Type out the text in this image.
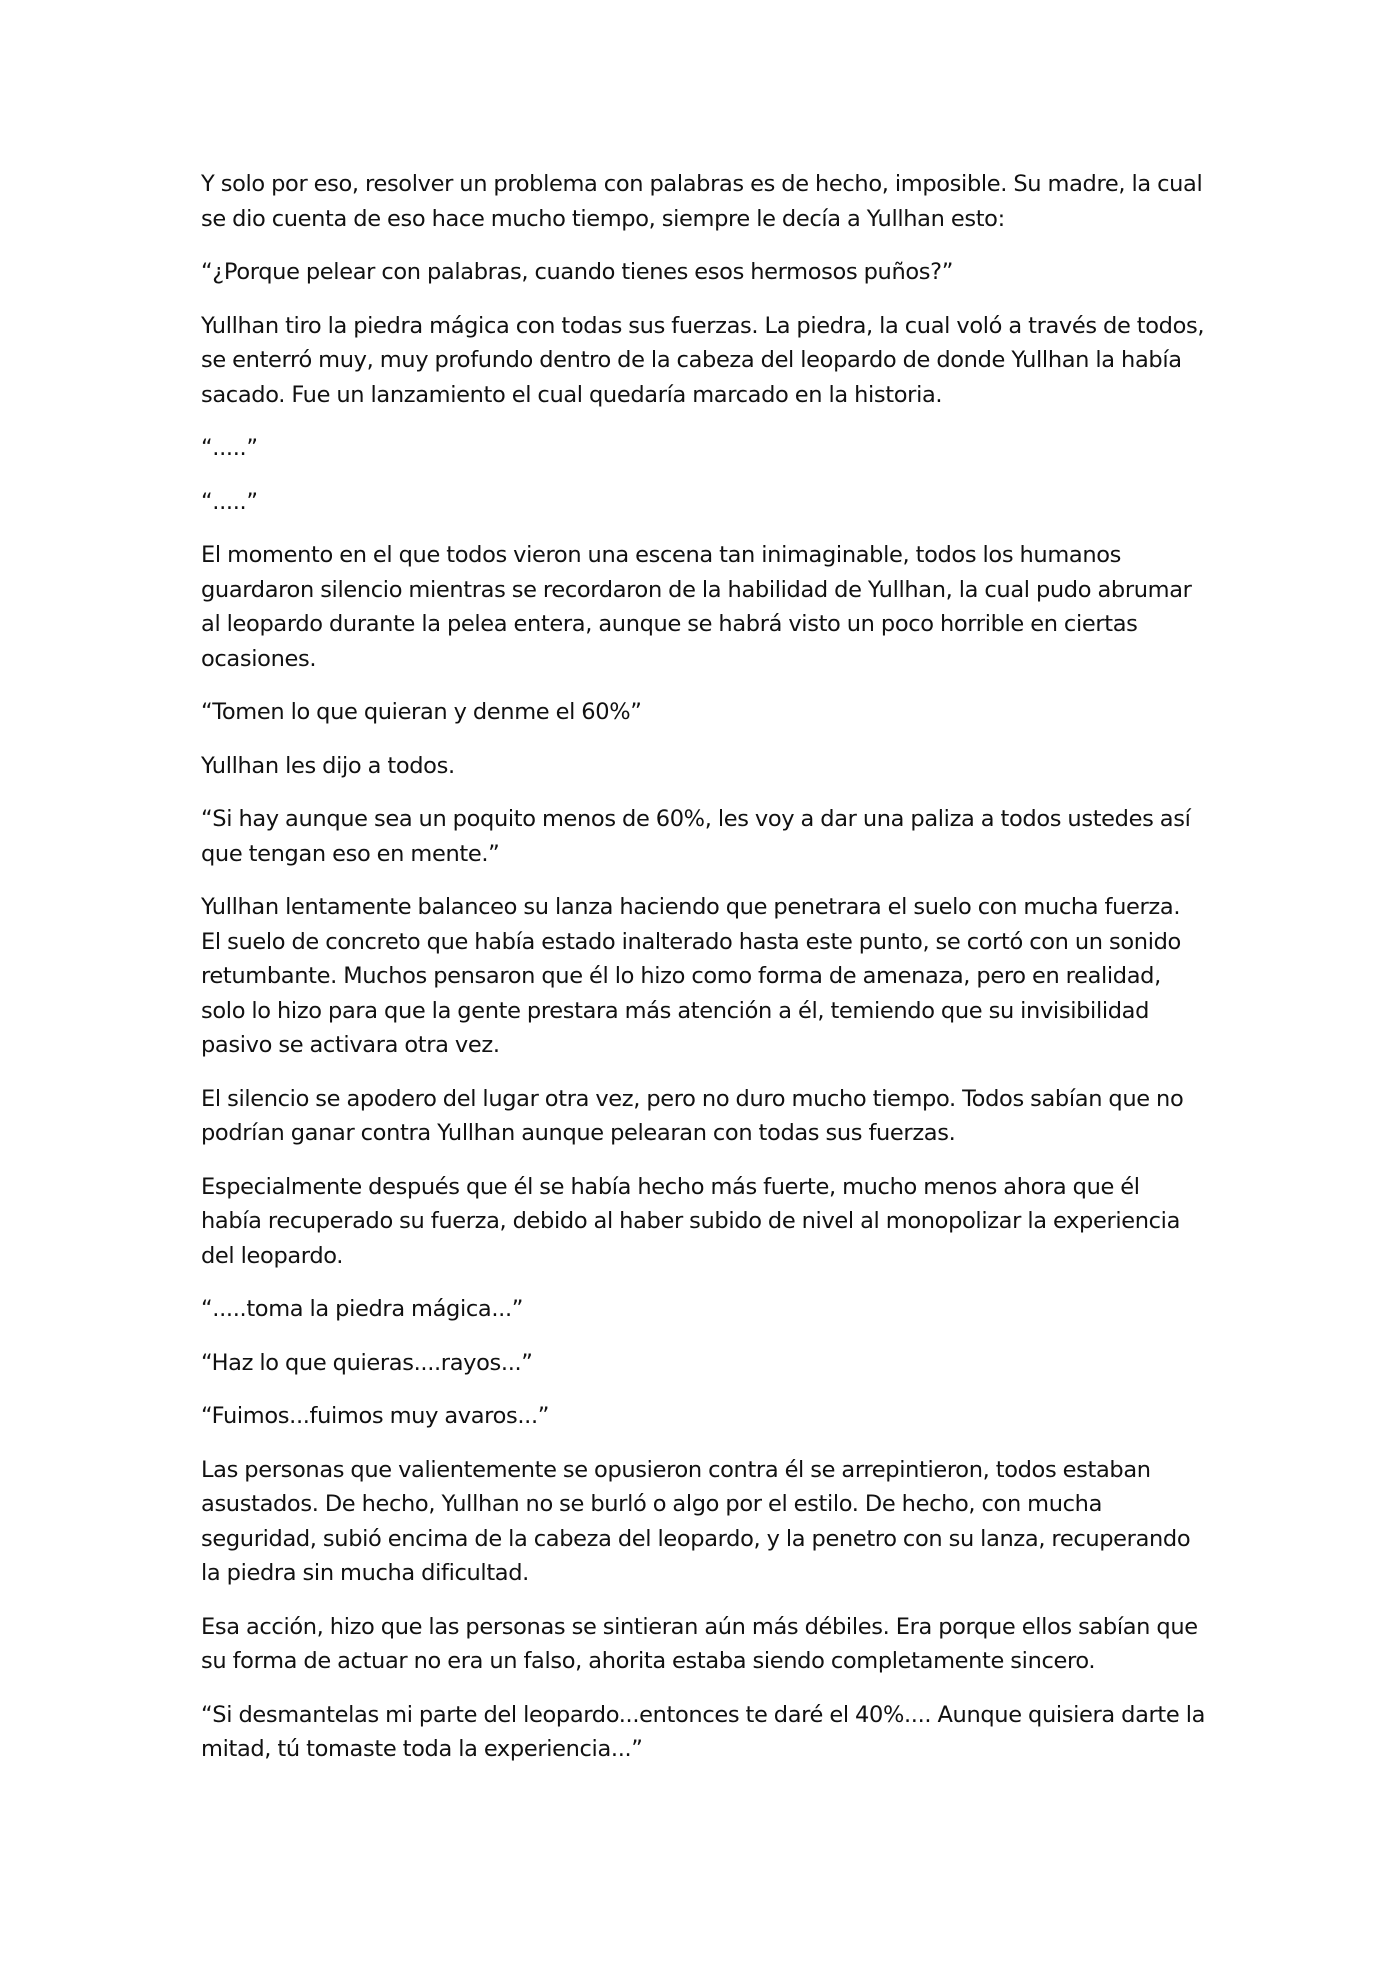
Y solo por eso, resolver un problema con palabras es de hecho, imposible. Su madre, la cual se dio cuenta de eso hace mucho tiempo, siempre le decía a Yullhan esto:

“¿Porque pelear con palabras, cuando tienes esos hermosos puños?”

Yullhan tiro la piedra mágica con todas sus fuerzas. La piedra, la cual voló a través de todos, se enterró muy, muy profundo dentro de la cabeza del leopardo de donde Yullhan la había sacado. Fue un lanzamiento el cual quedaría marcado en la historia.

“.....”

“.....”

El momento en el que todos vieron una escena tan inimaginable, todos los humanos guardaron silencio mientras se recordaron de la habilidad de Yullhan, la cual pudo abrumar al leopardo durante la pelea entera, aunque se habrá visto un poco horrible en ciertas ocasiones.

“Tomen lo que quieran y denme el 60%”

Yullhan les dijo a todos.

“Si hay aunque sea un poquito menos de 60%, les voy a dar una paliza a todos ustedes así que tengan eso en mente.”

Yullhan lentamente balanceo su lanza haciendo que penetrara el suelo con mucha fuerza. El suelo de concreto que había estado inalterado hasta este punto, se cortó con un sonido retumbante. Muchos pensaron que él lo hizo como forma de amenaza, pero en realidad, solo lo hizo para que la gente prestara más atención a él, temiendo que su invisibilidad pasivo se activara otra vez.

El silencio se apodero del lugar otra vez, pero no duro mucho tiempo. Todos sabían que no podrían ganar contra Yullhan aunque pelearan con todas sus fuerzas.

Especialmente después que él se había hecho más fuerte, mucho menos ahora que él había recuperado su fuerza, debido al haber subido de nivel al monopolizar la experiencia del leopardo.

“.....toma la piedra mágica...”

“Haz lo que quieras....rayos...”

“Fuimos...fuimos muy avaros...”

Las personas que valientemente se opusieron contra él se arrepintieron, todos estaban asustados. De hecho, Yullhan no se burló o algo por el estilo. De hecho, con mucha seguridad, subió encima de la cabeza del leopardo, y la penetro con su lanza, recuperando la piedra sin mucha dificultad.

Esa acción, hizo que las personas se sintieran aún más débiles. Era porque ellos sabían que su forma de actuar no era un falso, ahorita estaba siendo completamente sincero.

“Si desmantelas mi parte del leopardo...entonces te daré el 40%.... Aunque quisiera darte la mitad, tú tomaste toda la experiencia...”
